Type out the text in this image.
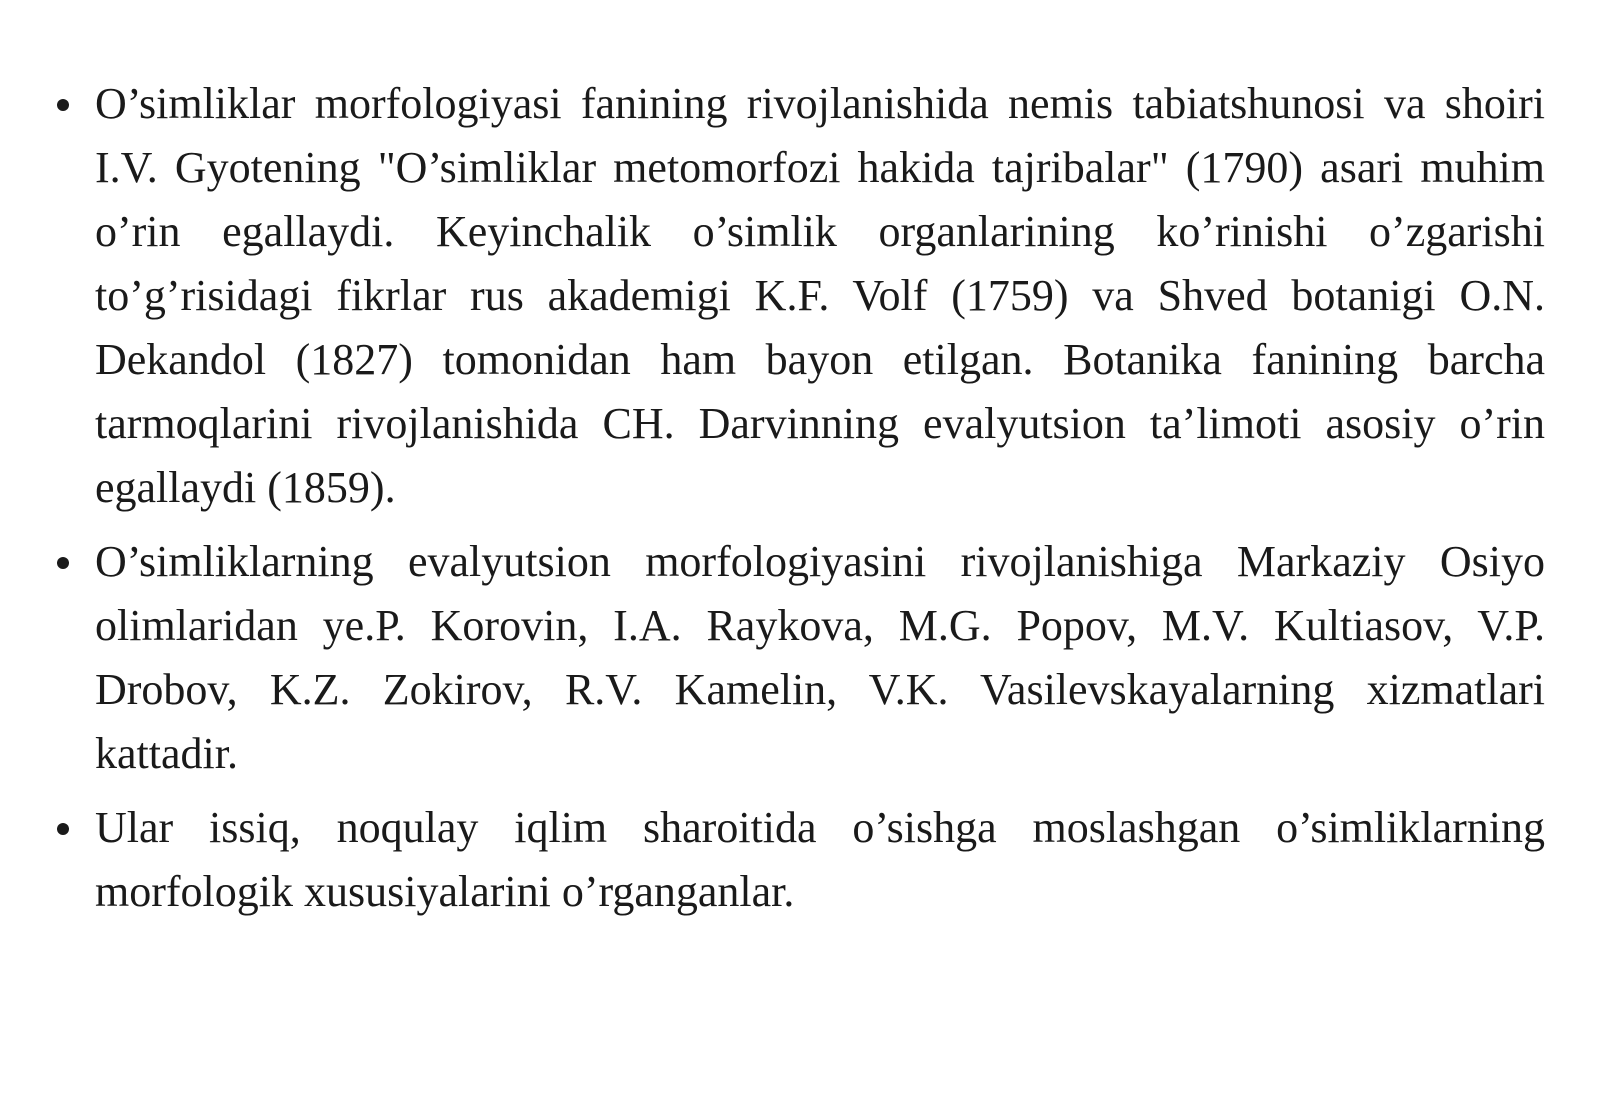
O’simliklar morfologiyasi fanining rivojlanishida nemis tabiatshunosi va shoiri I.V. Gyotening "O’simliklar metomorfozi hakida tajribalar" (1790) asari muhim o’rin egallaydi. Keyinchalik o’simlik organlarining ko’rinishi o’zgarishi to’g’risidagi fikrlar rus akademigi K.F. Volf (1759) va Shved botanigi O.N. Dekandol (1827) tomonidan ham bayon etilgan. Botanika fanining barcha tarmoqlarini rivojlanishida CH. Darvinning evalyutsion ta’limoti asosiy o’rin egallaydi (1859).
O’simliklarning evalyutsion morfologiyasini rivojlanishiga Markaziy Osiyo olimlaridan ye.P. Korovin, I.A. Raykova, M.G. Popov, M.V. Kultiasov, V.P. Drobov, K.Z. Zokirov, R.V. Kamelin, V.K. Vasilevskayalarning xizmatlari kattadir.
Ular issiq, noqulay iqlim sharoitida o’sishga moslashgan o’simliklarning morfologik xususiyalarini o’rganganlar.
